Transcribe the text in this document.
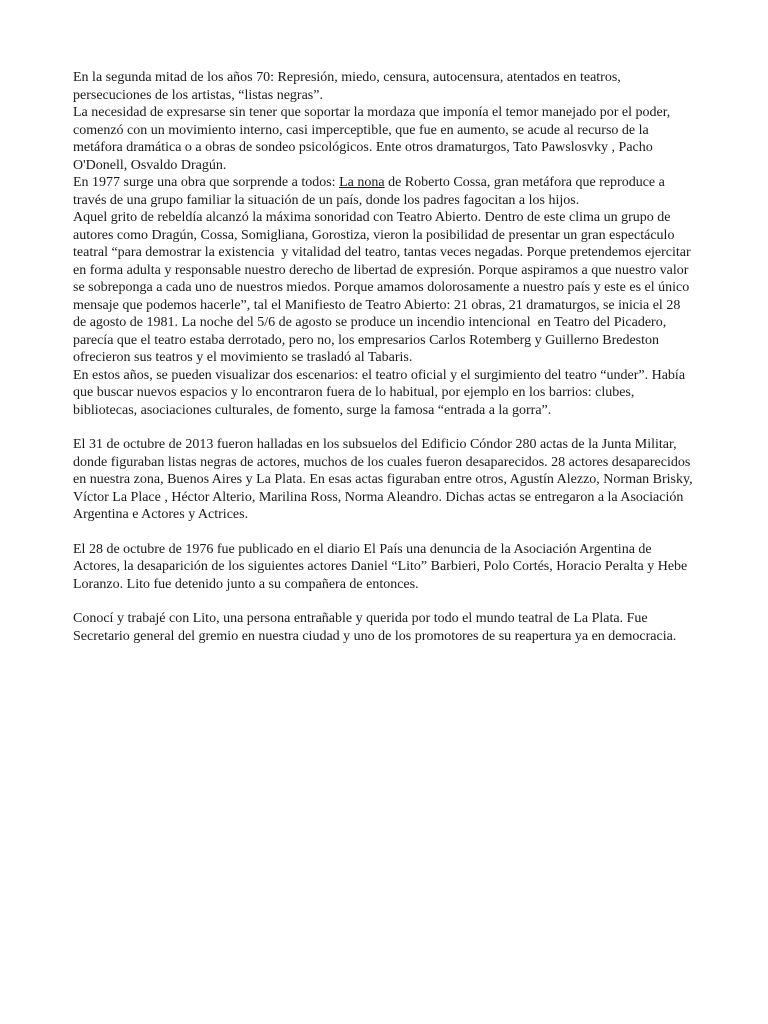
En la segunda mitad de los años 70: Represión, miedo, censura, autocensura, atentados en teatros, persecuciones de los artistas, “listas negras”.

La necesidad de expresarse sin tener que soportar la mordaza que imponía el temor manejado por el poder, comenzó con un movimiento interno, casi imperceptible, que fue en aumento, se acude al recurso de la metáfora dramática o a obras de sondeo psicológicos. Ente otros dramaturgos, Tato Pawslosvky , Pacho O'Donell, Osvaldo Dragún.

En 1977 surge una obra que sorprende a todos: La nona de Roberto Cossa, gran metáfora que reproduce a través de una grupo familiar la situación de un país, donde los padres fagocitan a los hijos.

Aquel grito de rebeldía alcanzó la máxima sonoridad con Teatro Abierto. Dentro de este clima un grupo de autores como Dragún, Cossa, Somigliana, Gorostiza, vieron la posibilidad de presentar un gran espectáculo teatral “para demostrar la existencia  y vitalidad del teatro, tantas veces negadas. Porque pretendemos ejercitar en forma adulta y responsable nuestro derecho de libertad de expresión. Porque aspiramos a que nuestro valor se sobreponga a cada uno de nuestros miedos. Porque amamos dolorosamente a nuestro país y este es el único mensaje que podemos hacerle”, tal el Manifiesto de Teatro Abierto: 21 obras, 21 dramaturgos, se inicia el 28 de agosto de 1981. La noche del 5/6 de agosto se produce un incendio intencional  en Teatro del Picadero, parecía que el teatro estaba derrotado, pero no, los empresarios Carlos Rotemberg y Guillerno Bredeston ofrecieron sus teatros y el movimiento se trasladó al Tabaris.

En estos años, se pueden visualizar dos escenarios: el teatro oficial y el surgimiento del teatro “under”. Había que buscar nuevos espacios y lo encontraron fuera de lo habitual, por ejemplo en los barrios: clubes, bibliotecas, asociaciones culturales, de fomento, surge la famosa “entrada a la gorra”.

El 31 de octubre de 2013 fueron halladas en los subsuelos del Edificio Cóndor 280 actas de la Junta Militar, donde figuraban listas negras de actores, muchos de los cuales fueron desaparecidos. 28 actores desaparecidos en nuestra zona, Buenos Aires y La Plata. En esas actas figuraban entre otros, Agustín Alezzo, Norman Brisky, Víctor La Place , Héctor Alterio, Marilina Ross, Norma Aleandro. Dichas actas se entregaron a la Asociación Argentina e Actores y Actrices.

El 28 de octubre de 1976 fue publicado en el diario El País una denuncia de la Asociación Argentina de Actores, la desaparición de los siguientes actores Daniel “Lito” Barbieri, Polo Cortés, Horacio Peralta y Hebe Loranzo. Lito fue detenido junto a su compañera de entonces.

Conocí y trabajé con Lito, una persona entrañable y querida por todo el mundo teatral de La Plata. Fue Secretario general del gremio en nuestra ciudad y uno de los promotores de su reapertura ya en democracia.
